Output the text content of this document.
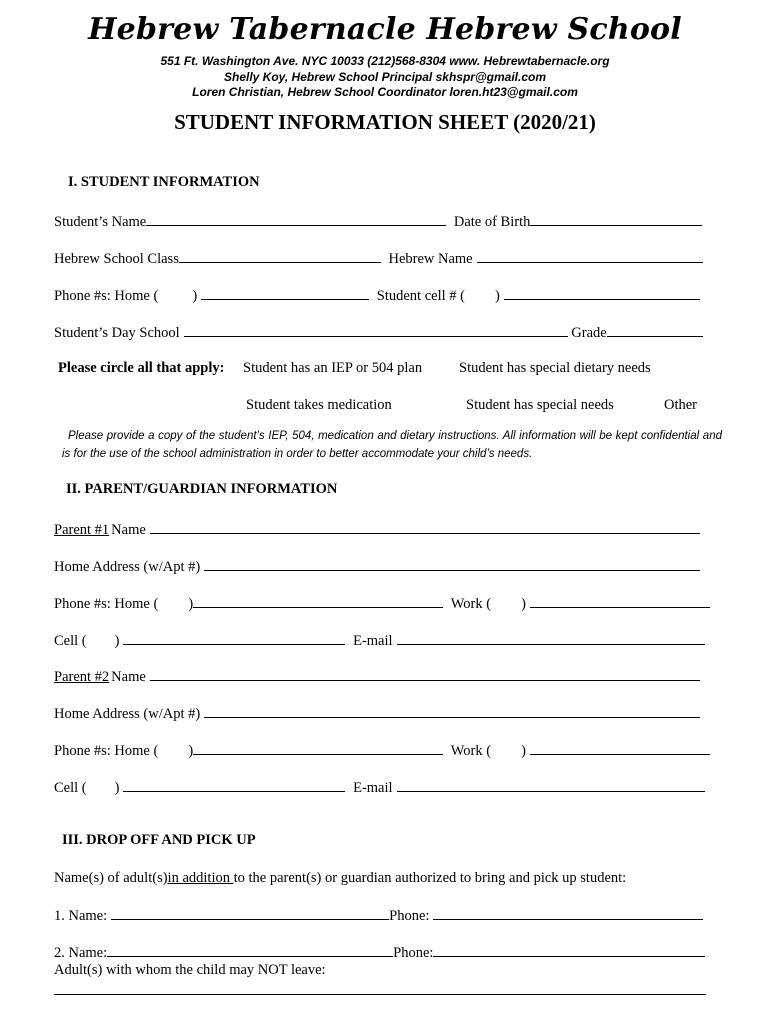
Hebrew Tabernacle Hebrew School
551 Ft. Washington Ave. NYC 10033 (212)568-8304 www. Hebrewtabernacle.org
Shelly Koy, Hebrew School Principal skhspr@gmail.com
Loren Christian, Hebrew School Coordinator loren.ht23@gmail.com
STUDENT INFORMATION SHEET (2020/21)
I. STUDENT INFORMATION
Student’s Name	Date of Birth
Hebrew School Class	Hebrew Name
Phone #s: Home ( )	Student cell # ( )
Student’s Day School	Grade
Please circle all that apply: Student has an IEP or 504 plan	Student has special dietary needs
Student takes medication	Student has special needs	Other
Please provide a copy of the student’s IEP, 504, medication and dietary instructions. All information will be kept confidential and is for the use of the school administration in order to better accommodate your child’s needs.
II. PARENT/GUARDIAN INFORMATION
Parent #1Name
Home Address (w/Apt #)
Phone #s: Home ( )	Work ( )
Cell ( )	E-mail
Parent #2Name
Home Address (w/Apt #)
Phone #s: Home ( )	Work ( )
Cell ( )	E-mail
III. DROP OFF AND PICK UP
Name(s) of adult(s)in addition to the parent(s) or guardian authorized to bring and pick up student:
1. Name:	Phone:
2. Name:	Phone:
Adult(s) with whom the child may NOT leave:
